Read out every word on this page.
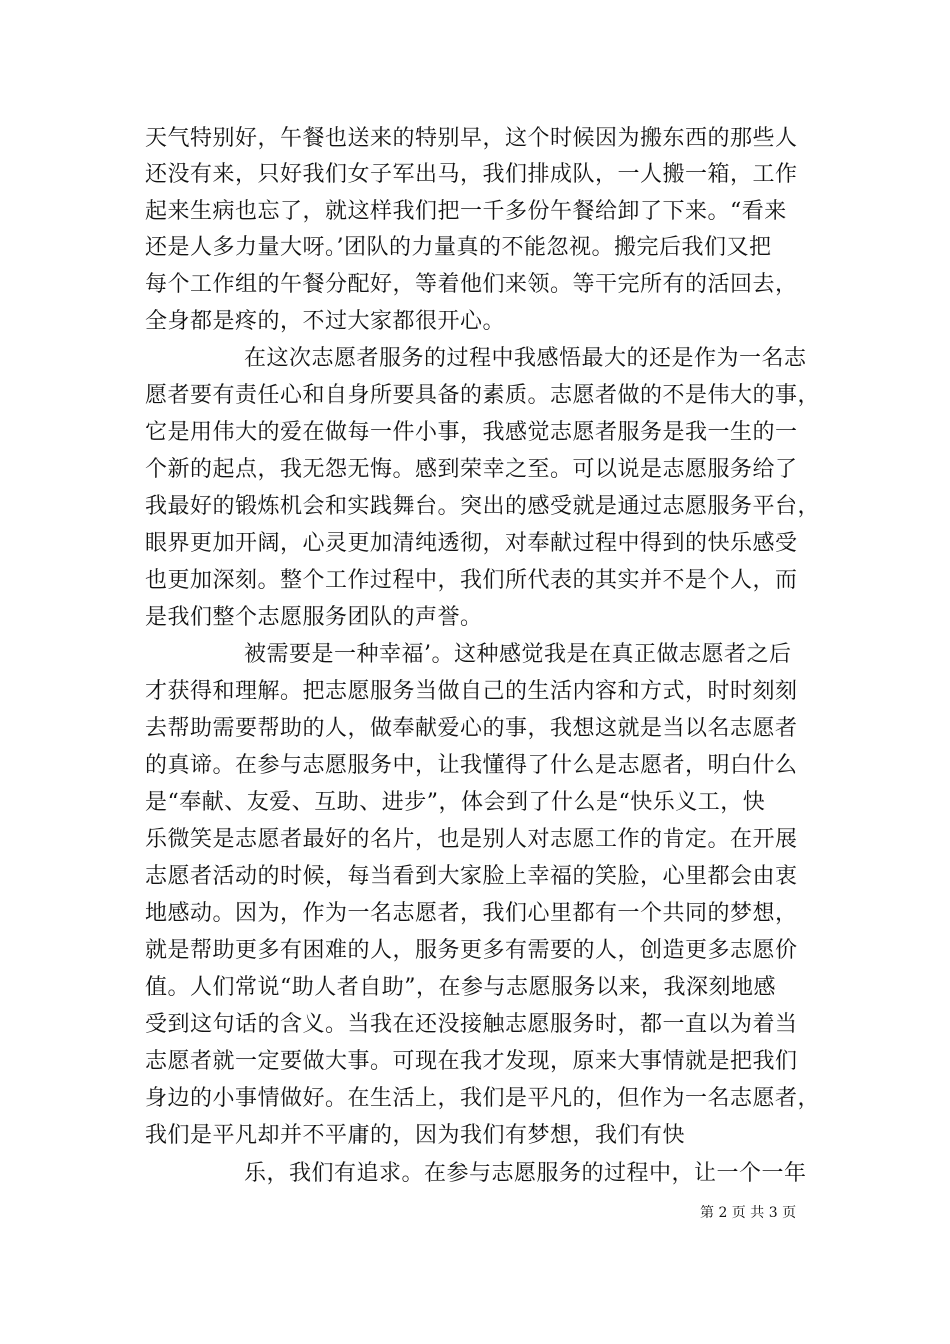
天气特别好，午餐也送来的特别早，这个时候因为搬东西的那些人
还没有来，只好我们女子军出马，我们排成队，一人搬一箱，工作
起来生病也忘了，就这样我们把一千多份午餐给卸了下来。“看来
还是人多力量大呀。’团队的力量真的不能忽视。搬完后我们又把
每个工作组的午餐分配好，等着他们来领。等干完所有的活回去，
全身都是疼的，不过大家都很开心。
在这次志愿者服务的过程中我感悟最大的还是作为一名志
愿者要有责任心和自身所要具备的素质。志愿者做的不是伟大的事，
它是用伟大的爱在做每一件小事，我感觉志愿者服务是我一生的一
个新的起点，我无怨无悔。感到荣幸之至。可以说是志愿服务给了
我最好的锻炼机会和实践舞台。突出的感受就是通过志愿服务平台，
眼界更加开阔，心灵更加清纯透彻，对奉献过程中得到的快乐感受
也更加深刻。整个工作过程中，我们所代表的其实并不是个人，而
是我们整个志愿服务团队的声誉。
被需要是一种幸福’。这种感觉我是在真正做志愿者之后
才获得和理解。把志愿服务当做自己的生活内容和方式，时时刻刻
去帮助需要帮助的人，做奉献爱心的事，我想这就是当以名志愿者
的真谛。在参与志愿服务中，让我懂得了什么是志愿者，明白什么
是“奉献、友爱、互助、进步”，体会到了什么是“快乐义工，快
乐微笑是志愿者最好的名片，也是别人对志愿工作的肯定。在开展
志愿者活动的时候，每当看到大家脸上幸福的笑脸，心里都会由衷
地感动。因为，作为一名志愿者，我们心里都有一个共同的梦想，
就是帮助更多有困难的人，服务更多有需要的人，创造更多志愿价
值。人们常说“助人者自助”，在参与志愿服务以来，我深刻地感
受到这句话的含义。当我在还没接触志愿服务时，都一直以为着当
志愿者就一定要做大事。可现在我才发现，原来大事情就是把我们
身边的小事情做好。在生活上，我们是平凡的，但作为一名志愿者，
我们是平凡却并不平庸的，因为我们有梦想，我们有快
乐，我们有追求。在参与志愿服务的过程中，让一个一年
第 2 页 共 3 页
